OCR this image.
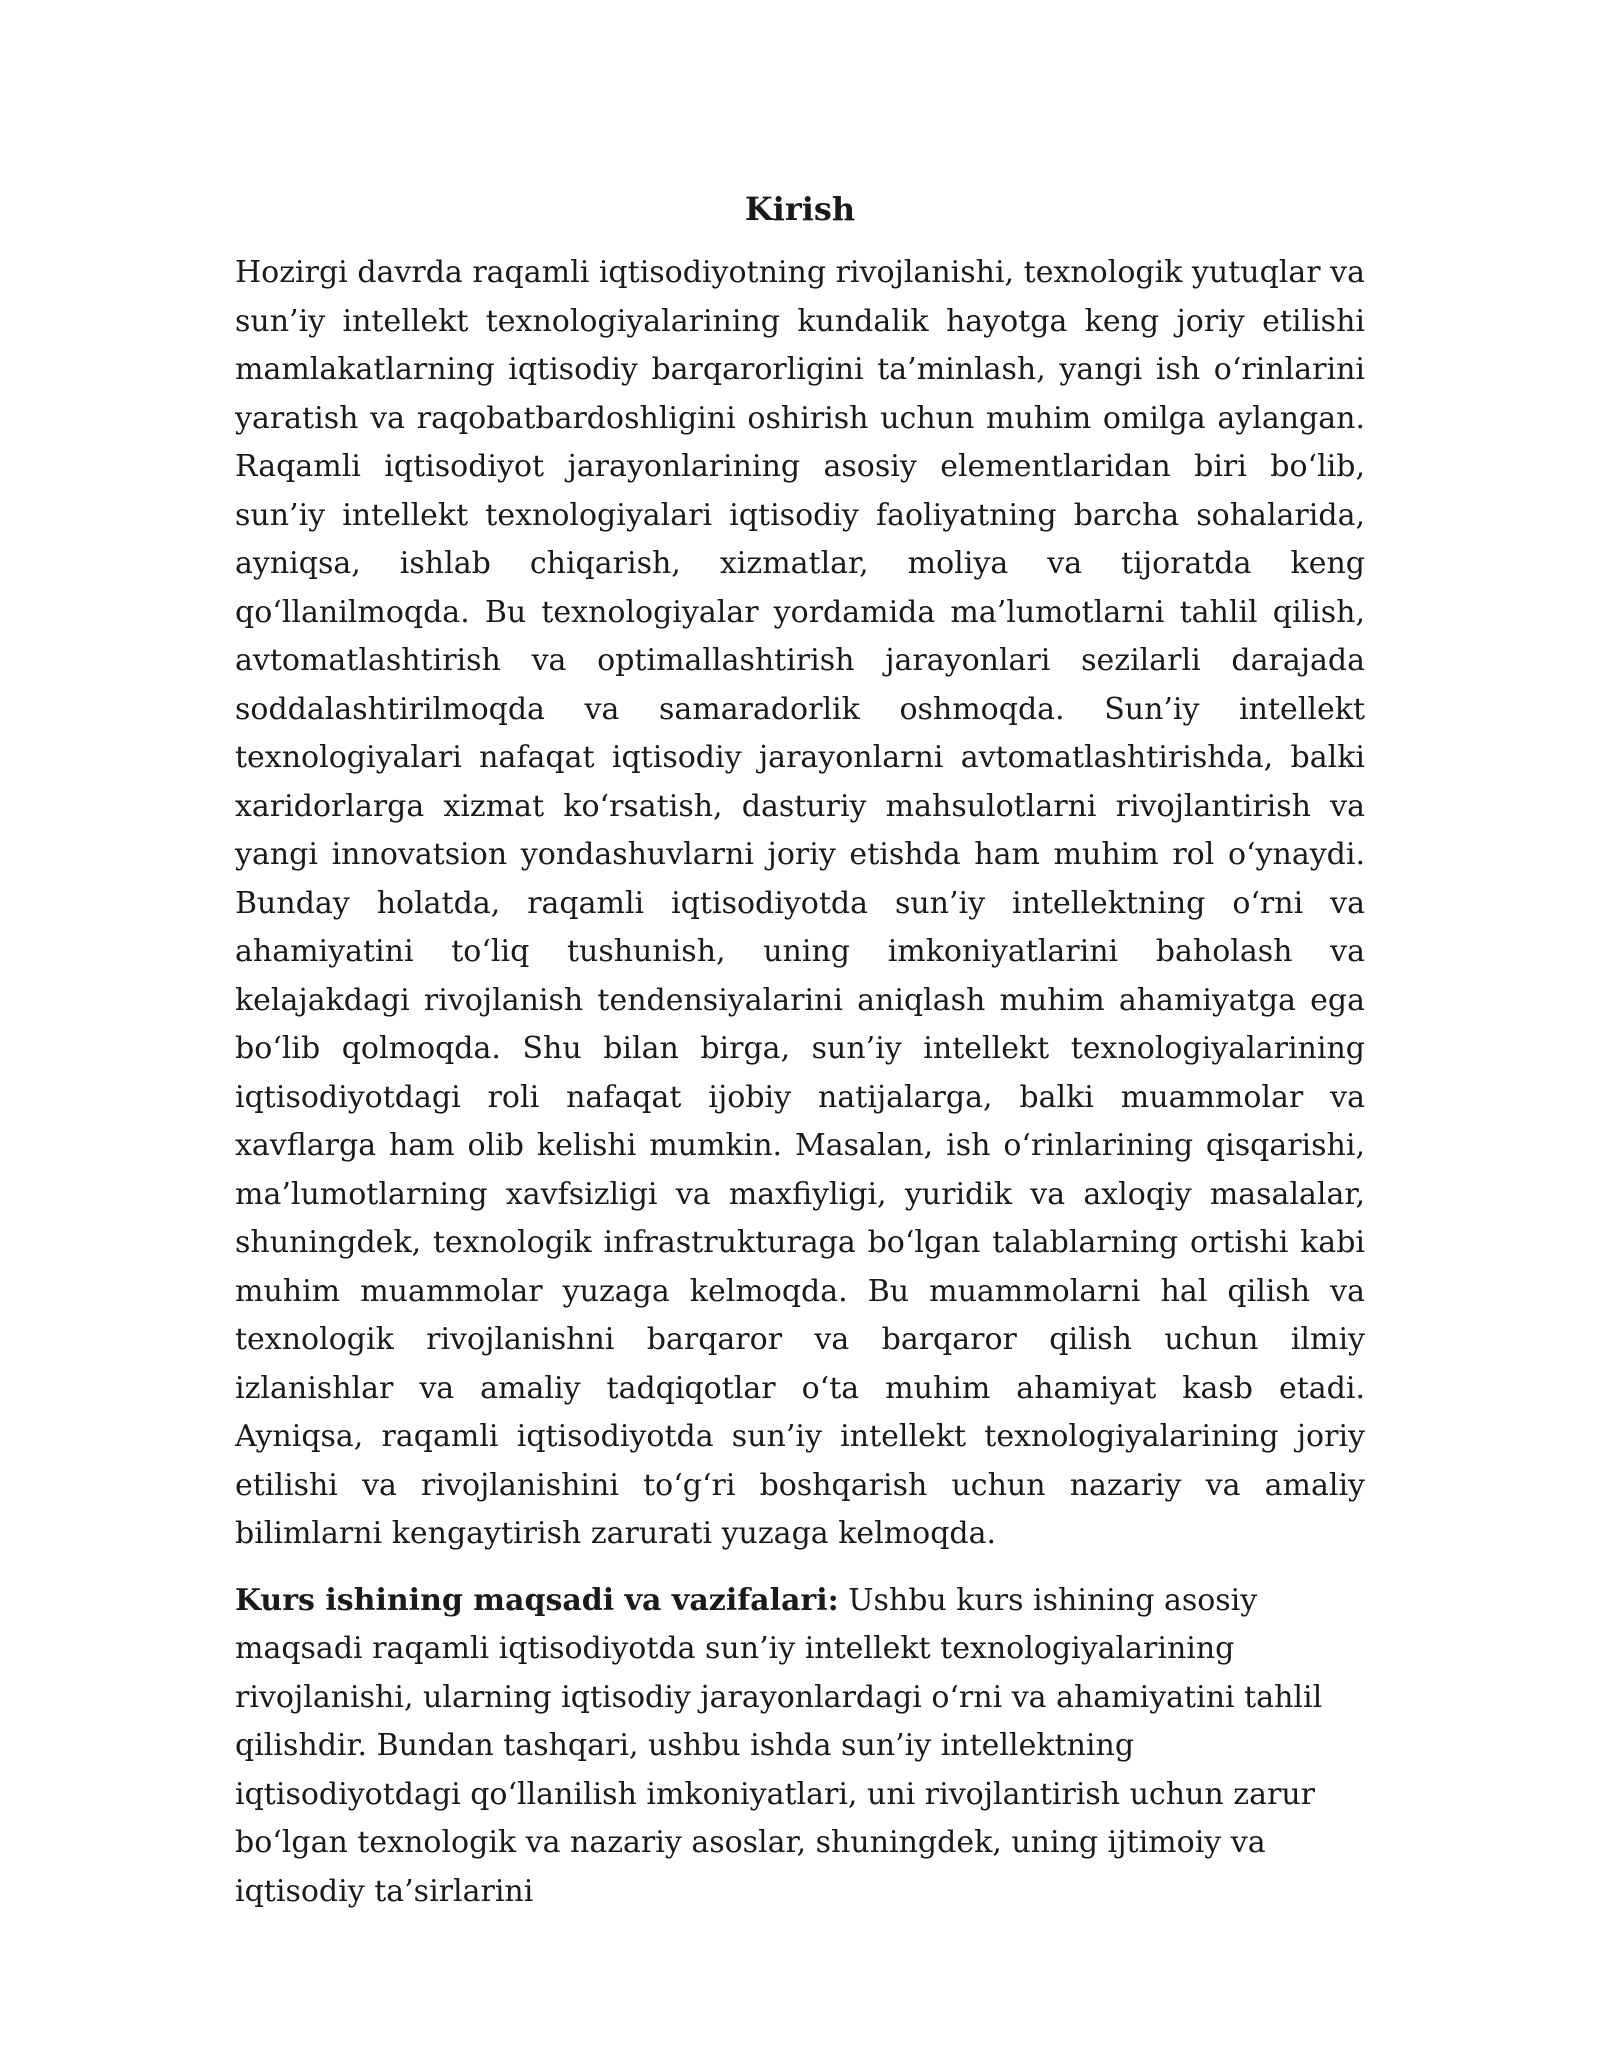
Kirish

Hozirgi davrda raqamli iqtisodiyotning rivojlanishi, texnologik yutuqlar va sun’iy intellekt texnologiyalarining kundalik hayotga keng joriy etilishi mamlakatlarning iqtisodiy barqarorligini ta’minlash, yangi ish o‘rinlarini yaratish va raqobatbardoshligini oshirish uchun muhim omilga aylangan. Raqamli iqtisodiyot jarayonlarining asosiy elementlaridan biri bo‘lib, sun’iy intellekt texnologiyalari iqtisodiy faoliyatning barcha sohalarida, ayniqsa, ishlab chiqarish, xizmatlar, moliya va tijoratda keng qo‘llanilmoqda. Bu texnologiyalar yordamida ma’lumotlarni tahlil qilish, avtomatlashtirish va optimallashtirish jarayonlari sezilarli darajada soddalashtirilmoqda va samaradorlik oshmoqda. Sun’iy intellekt texnologiyalari nafaqat iqtisodiy jarayonlarni avtomatlashtirishda, balki xaridorlarga xizmat ko‘rsatish, dasturiy mahsulotlarni rivojlantirish va yangi innovatsion yondashuvlarni joriy etishda ham muhim rol o‘ynaydi. Bunday holatda, raqamli iqtisodiyotda sun’iy intellektning o‘rni va ahamiyatini to‘liq tushunish, uning imkoniyatlarini baholash va kelajakdagi rivojlanish tendensiyalarini aniqlash muhim ahamiyatga ega bo‘lib qolmoqda. Shu bilan birga, sun’iy intellekt texnologiyalarining iqtisodiyotdagi roli nafaqat ijobiy natijalarga, balki muammolar va xavflarga ham olib kelishi mumkin. Masalan, ish o‘rinlarining qisqarishi, ma’lumotlarning xavfsizligi va maxfiyligi, yuridik va axloqiy masalalar, shuningdek, texnologik infrastrukturaga bo‘lgan talablarning ortishi kabi muhim muammolar yuzaga kelmoqda. Bu muammolarni hal qilish va texnologik rivojlanishni barqaror va barqaror qilish uchun ilmiy izlanishlar va amaliy tadqiqotlar o‘ta muhim ahamiyat kasb etadi. Ayniqsa, raqamli iqtisodiyotda sun’iy intellekt texnologiyalarining joriy etilishi va rivojlanishini to‘g‘ri boshqarish uchun nazariy va amaliy bilimlarni kengaytirish zarurati yuzaga kelmoqda.

Kurs ishining maqsadi va vazifalari: Ushbu kurs ishining asosiy maqsadi raqamli iqtisodiyotda sun’iy intellekt texnologiyalarining rivojlanishi, ularning iqtisodiy jarayonlardagi o‘rni va ahamiyatini tahlil qilishdir. Bundan tashqari, ushbu ishda sun’iy intellektning iqtisodiyotdagi qo‘llanilish imkoniyatlari, uni rivojlantirish uchun zarur bo‘lgan texnologik va nazariy asoslar, shuningdek, uning ijtimoiy va iqtisodiy ta’sirlarini
